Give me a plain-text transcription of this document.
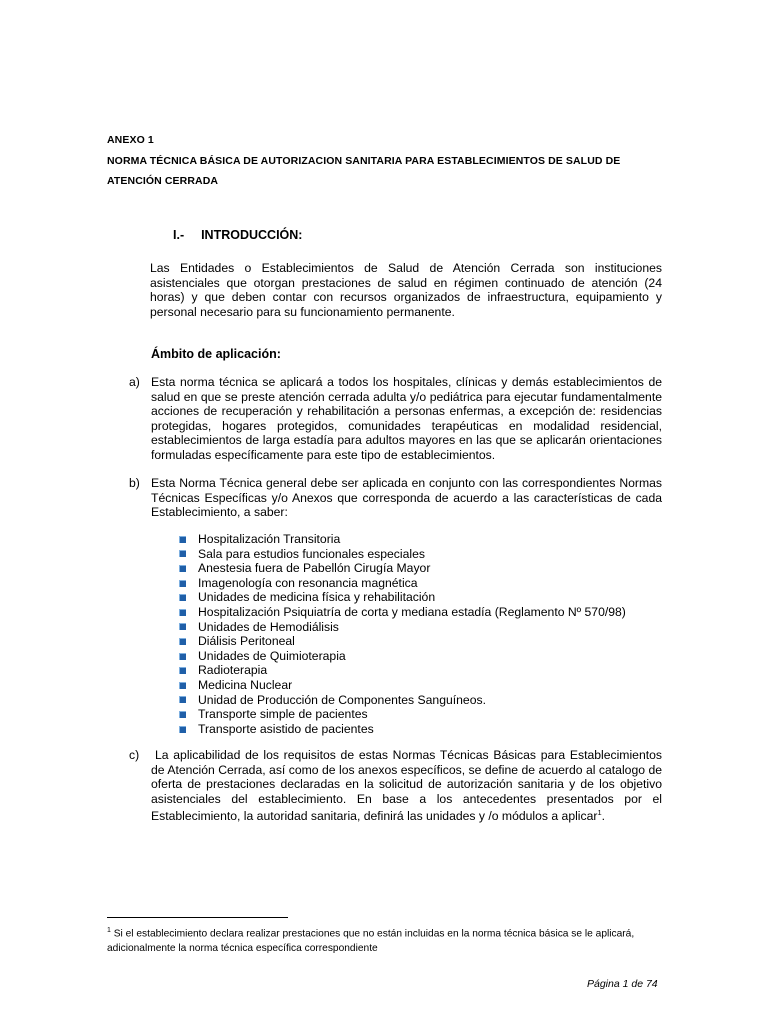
ANEXO 1
NORMA TÉCNICA BÁSICA DE AUTORIZACION SANITARIA PARA ESTABLECIMIENTOS DE SALUD DE
ATENCIÓN CERRADA
I.- INTRODUCCIÓN:
Las Entidades o Establecimientos de Salud de Atención Cerrada son instituciones asistenciales que otorgan prestaciones de salud en régimen continuado de atención (24 horas) y que deben contar con recursos organizados de infraestructura, equipamiento y personal necesario para su funcionamiento permanente.
Ámbito de aplicación:
a) Esta norma técnica se aplicará a todos los hospitales, clínicas y demás establecimientos de salud en que se preste atención cerrada adulta y/o pediátrica para ejecutar fundamentalmente acciones de recuperación y rehabilitación a personas enfermas, a excepción de: residencias protegidas, hogares protegidos, comunidades terapéuticas en modalidad residencial, establecimientos de larga estadía para adultos mayores en las que se aplicarán orientaciones formuladas específicamente para este tipo de establecimientos.
b) Esta Norma Técnica general debe ser aplicada en conjunto con las correspondientes Normas Técnicas Específicas y/o Anexos que corresponda de acuerdo a las características de cada Establecimiento, a saber:
Hospitalización Transitoria
Sala para estudios funcionales especiales
Anestesia fuera de Pabellón Cirugía Mayor
Imagenología con resonancia magnética
Unidades de medicina física y rehabilitación
Hospitalización Psiquiatría de corta y mediana estadía (Reglamento Nº 570/98)
Unidades de Hemodiálisis
Diálisis Peritoneal
Unidades de Quimioterapia
Radioterapia
Medicina Nuclear
Unidad de Producción de Componentes Sanguíneos.
Transporte simple de pacientes
Transporte asistido de pacientes
c)	La aplicabilidad de los requisitos de estas Normas Técnicas Básicas para Establecimientos de Atención Cerrada, así como de los anexos específicos, se define de acuerdo al catalogo de oferta de prestaciones declaradas en la solicitud de autorización sanitaria y de los objetivo asistenciales del establecimiento. En base a los antecedentes presentados por el Establecimiento, la autoridad sanitaria, definirá las unidades y /o módulos a aplicar$^1$.
$^1$ Si el establecimiento declara realizar prestaciones que no están incluidas en la norma técnica básica se le aplicará, adicionalmente la norma técnica específica correspondiente
Página 1 de 74
